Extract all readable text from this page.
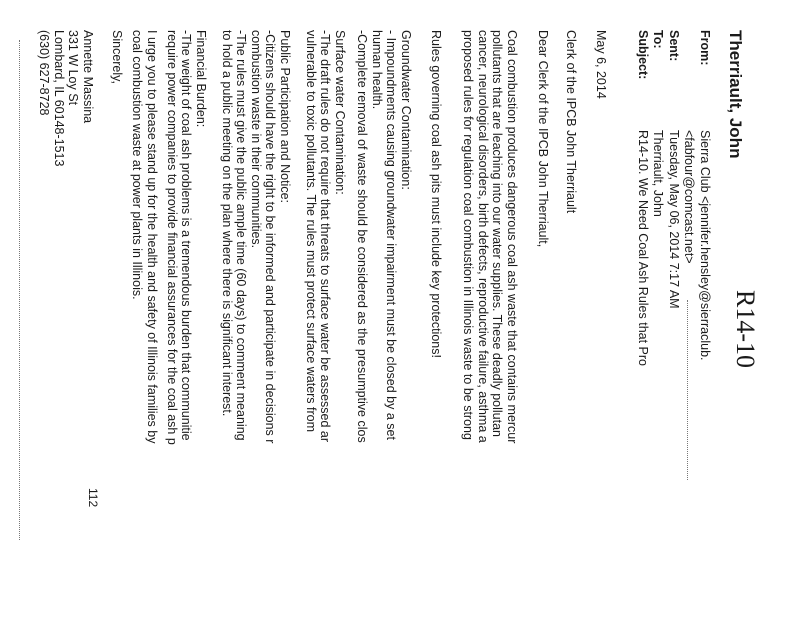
Therriault, John
R14-10
From:
Sierra Club <jennifer.hensley@sierraclub.
<fabfour@comcast.net>
Sent:
Tuesday, May 06, 2014 7:17 AM
To:
Therriault, John
Subject:
R14-10. We Need Coal Ash Rules that Pro
May 6, 2014
Clerk of the IPCB John Therriault
Dear Clerk of the IPCB John Therriault,
Coal combustion produces dangerous coal ash waste that contains mercur
pollutants that are leaching into our water supplies. These deadly pollutan
cancer, neurological disorders, birth defects, reproductive failure, asthma a
proposed rules for regulation coal combustion in Illinois waste to be strong
Rules governing coal ash pits must include key protections!
Groundwater Contamination:
- Impoundments causing groundwater impairment must be closed by a set
human health.
-Complete removal of waste should be considered as the presumptive clos
Surface water Contamination:
-The draft rules do not require that threats to surface water be assessed ar
vulnerable to toxic pollutants. The rules must protect surface waters from
Public Participation and Notice:
-Citizens should have the right to be informed and participate in decisions r
combustion waste in their communities.
-The rules must give the public ample time (60 days) to comment meaning
to hold a public meeting on the plan where there is significant interest.
Financial Burden:
-The weight of coal ash problems is a tremendous burden that communitie
require power companies to provide financial assurances for the coal ash p
I urge you to please stand up for the health and safety of Illinois families by
coal combustion waste at power plants in Illinois.
Sincerely,
Annette Massina
331 W Loy St
Lombard, IL 60148-1513
(630) 627-8728
112
